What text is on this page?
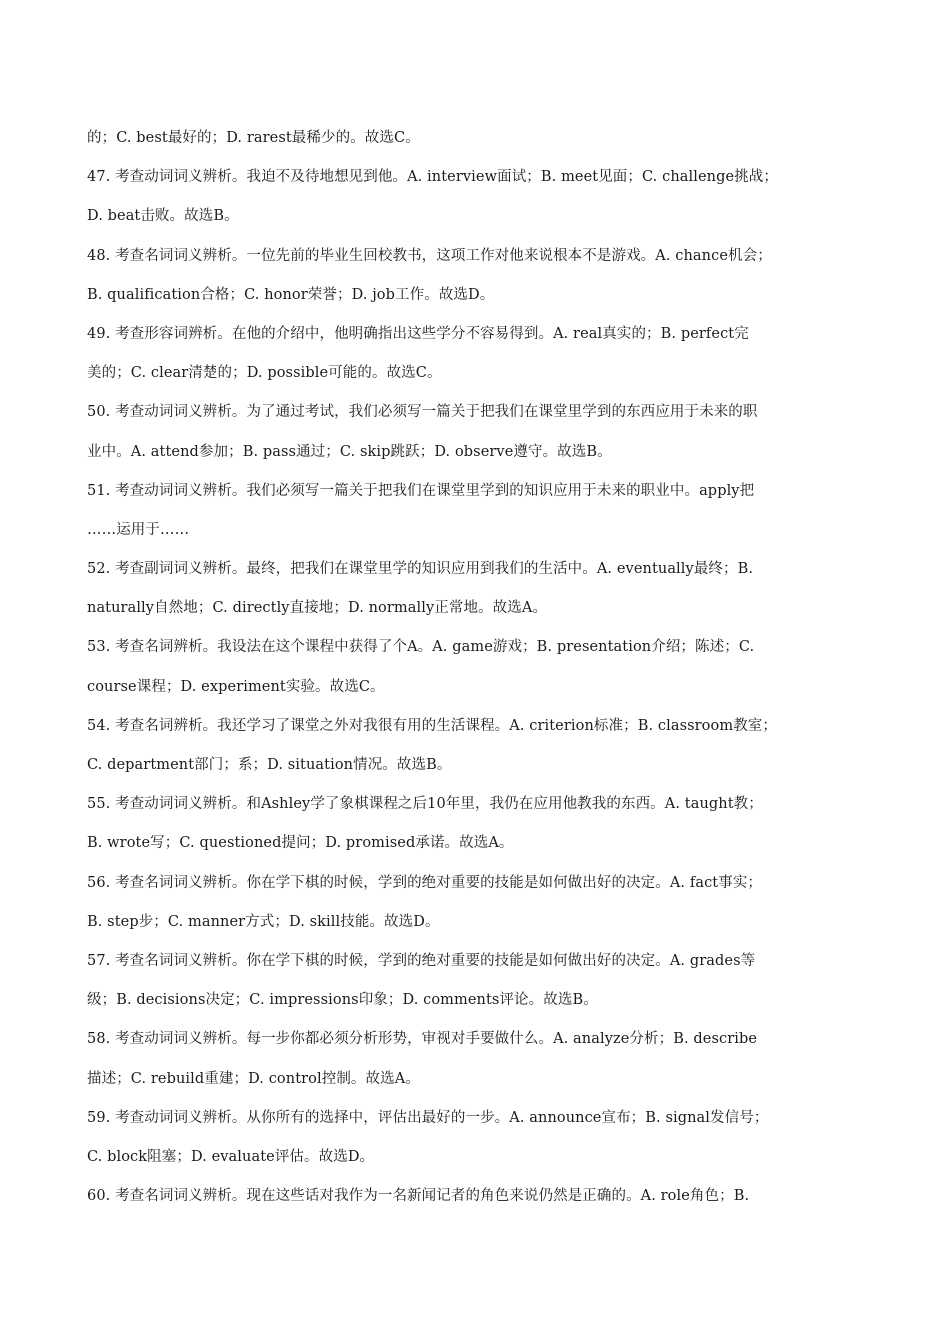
的；C. best最好的；D. rarest最稀少的。故选C。
47. 考查动词词义辨析。我迫不及待地想见到他。A. interview面试；B. meet见面；C. challenge挑战；
D. beat击败。故选B。
48. 考查名词词义辨析。一位先前的毕业生回校教书，这项工作对他来说根本不是游戏。A. chance机会；
B. qualification合格；C. honor荣誉；D. job工作。故选D。
49. 考查形容词辨析。在他的介绍中，他明确指出这些学分不容易得到。A. real真实的；B. perfect完
美的；C. clear清楚的；D. possible可能的。故选C。
50. 考查动词词义辨析。为了通过考试，我们必须写一篇关于把我们在课堂里学到的东西应用于未来的职
业中。A. attend参加；B. pass通过；C. skip跳跃；D. observe遵守。故选B。
51. 考查动词词义辨析。我们必须写一篇关于把我们在课堂里学到的知识应用于未来的职业中。apply把
……运用于……
52. 考查副词词义辨析。最终，把我们在课堂里学的知识应用到我们的生活中。A. eventually最终；B.
naturally自然地；C. directly直接地；D. normally正常地。故选A。
53. 考查名词辨析。我设法在这个课程中获得了个A。A. game游戏；B. presentation介绍；陈述；C.
course课程；D. experiment实验。故选C。
54. 考查名词辨析。我还学习了课堂之外对我很有用的生活课程。A. criterion标准；B. classroom教室；
C. department部门；系；D. situation情况。故选B。
55. 考查动词词义辨析。和Ashley学了象棋课程之后10年里，我仍在应用他教我的东西。A. taught教；
B. wrote写；C. questioned提问；D. promised承诺。故选A。
56. 考查名词词义辨析。你在学下棋的时候，学到的绝对重要的技能是如何做出好的决定。A. fact事实；
B. step步；C. manner方式；D. skill技能。故选D。
57. 考查名词词义辨析。你在学下棋的时候，学到的绝对重要的技能是如何做出好的决定。A. grades等
级；B. decisions决定；C. impressions印象；D. comments评论。故选B。
58. 考查动词词义辨析。每一步你都必须分析形势，审视对手要做什么。A. analyze分析；B. describe
描述；C. rebuild重建；D. control控制。故选A。
59. 考查动词词义辨析。从你所有的选择中，评估出最好的一步。A. announce宣布；B. signal发信号；
C. block阻塞；D. evaluate评估。故选D。
60. 考查名词词义辨析。现在这些话对我作为一名新闻记者的角色来说仍然是正确的。A. role角色；B.
